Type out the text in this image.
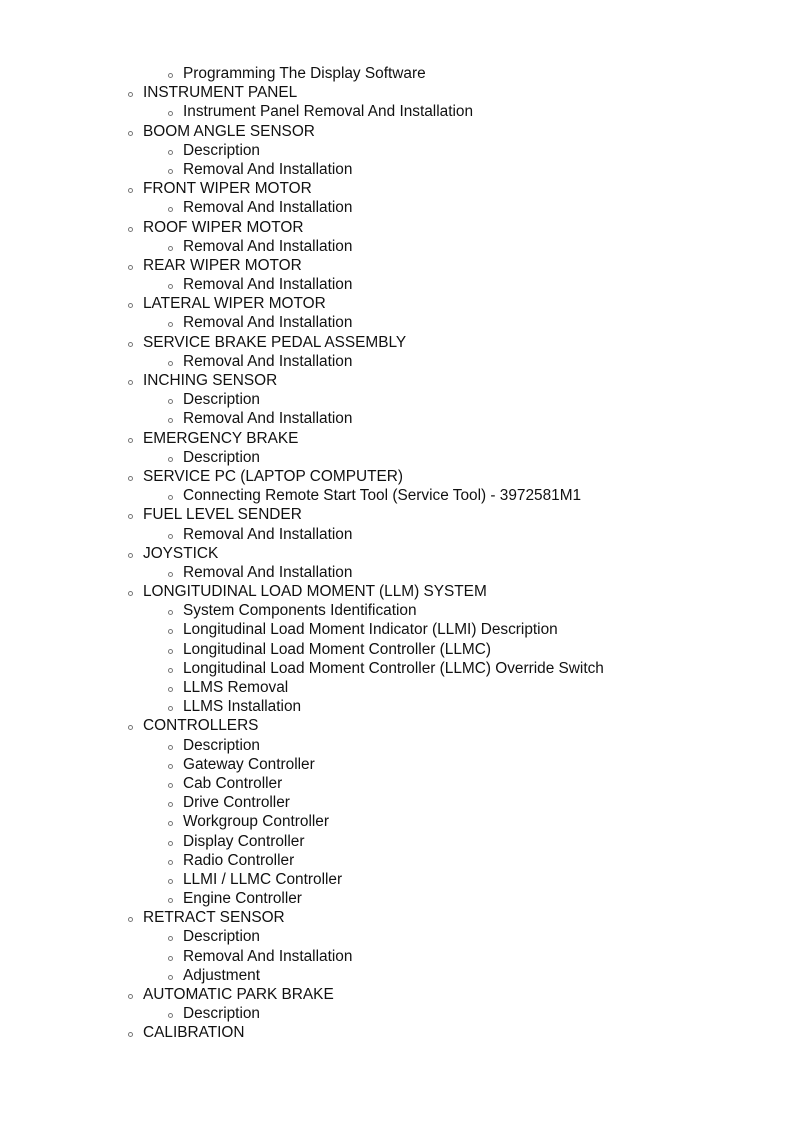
Programming The Display Software
INSTRUMENT PANEL
Instrument Panel Removal And Installation
BOOM ANGLE SENSOR
Description
Removal And Installation
FRONT WIPER MOTOR
Removal And Installation
ROOF WIPER MOTOR
Removal And Installation
REAR WIPER MOTOR
Removal And Installation
LATERAL WIPER MOTOR
Removal And Installation
SERVICE BRAKE PEDAL ASSEMBLY
Removal And Installation
INCHING SENSOR
Description
Removal And Installation
EMERGENCY BRAKE
Description
SERVICE PC (LAPTOP COMPUTER)
Connecting Remote Start Tool (Service Tool) - 3972581M1
FUEL LEVEL SENDER
Removal And Installation
JOYSTICK
Removal And Installation
LONGITUDINAL LOAD MOMENT (LLM) SYSTEM
System Components Identification
Longitudinal Load Moment Indicator (LLMI) Description
Longitudinal Load Moment Controller (LLMC)
Longitudinal Load Moment Controller (LLMC) Override Switch
LLMS Removal
LLMS Installation
CONTROLLERS
Description
Gateway Controller
Cab Controller
Drive Controller
Workgroup Controller
Display Controller
Radio Controller
LLMI / LLMC Controller
Engine Controller
RETRACT SENSOR
Description
Removal And Installation
Adjustment
AUTOMATIC PARK BRAKE
Description
CALIBRATION
